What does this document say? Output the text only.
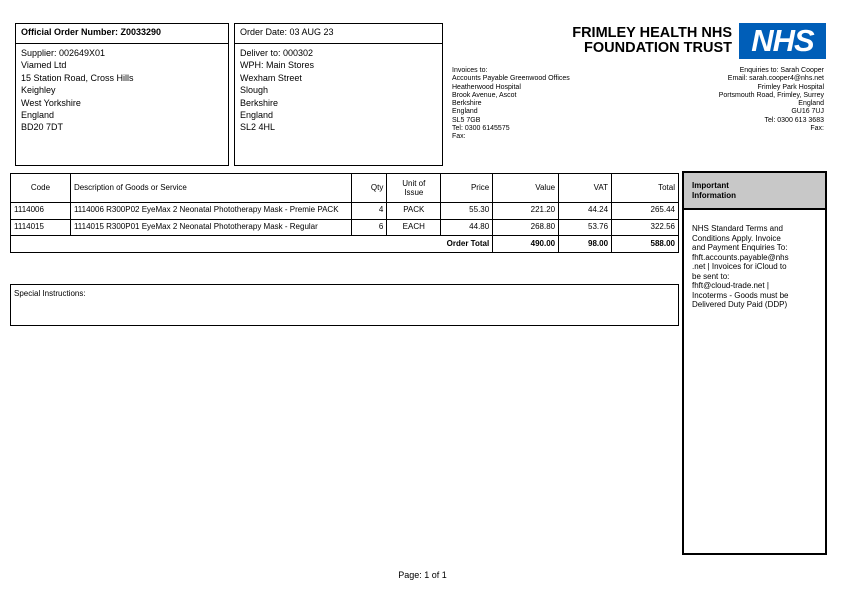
Official Order Number: Z0033290
Supplier: 002649X01
Viamed Ltd
15 Station Road, Cross Hills
Keighley
West Yorkshire
England
BD20 7DT
Order Date: 03 AUG 23
Deliver to: 000302
WPH: Main Stores
Wexham Street
Slough
Berkshire
England
SL2 4HL
FRIMLEY HEALTH NHS
FOUNDATION TRUST NHS
Invoices to:
Accounts Payable Greenwood Offices
Heatherwood Hospital
Brook Avenue, Ascot
Berkshire
England
SL5 7GB
Tel: 0300 6145575
Fax:
Enquiries to: Sarah Cooper
Email: sarah.cooper4@nhs.net
Frimley Park Hospital
Portsmouth Road, Frimley, Surrey
England
GU16 7UJ
Tel: 0300 613 3683
Fax:
Code	Description of Goods or Service	Qty	Unit of
Issue	Price	Value	VAT	Total
1114006	1114006 R300P02 EyeMax 2 Neonatal Phototherapy Mask - Premie PACK	4	PACK	55.30	221.20	44.24	265.44
1114015	1114015 R300P01 EyeMax 2 Neonatal Phototherapy Mask - Regular	6	EACH	44.80	268.80	53.76	322.56
Order Total					490.00	98.00	588.00
Special Instructions:
Important
Information
NHS Standard Terms and
Conditions Apply. Invoice
and Payment Enquiries To:
fhft.accounts.payable@nhs
.net | Invoices for iCloud to
be sent to:
fhft@cloud-trade.net |
Incoterms - Goods must be
Delivered Duty Paid (DDP)
Page: 1 of 1
